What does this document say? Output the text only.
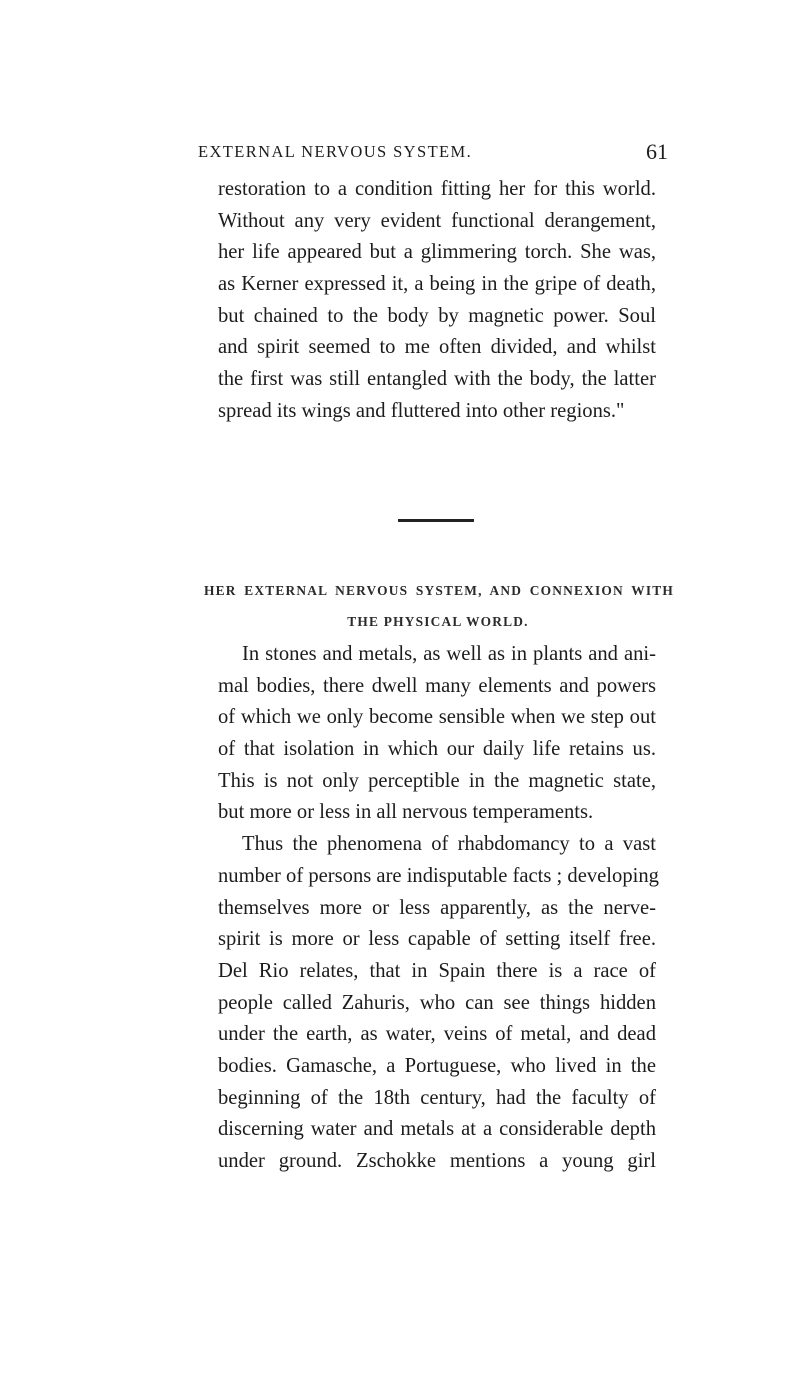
EXTERNAL NERVOUS SYSTEM.	61
restoration to a condition fitting her for this world.
Without any very evident functional derangement,
her life appeared but a glimmering torch. She was,
as Kerner expressed it, a being in the gripe of death,
but chained to the body by magnetic power. Soul
and spirit seemed to me often divided, and whilst
the first was still entangled with the body, the latter
spread its wings and fluttered into other regions."
HER EXTERNAL NERVOUS SYSTEM, AND CONNEXION WITH
THE PHYSICAL WORLD.
In stones and metals, as well as in plants and ani-
mal bodies, there dwell many elements and powers
of which we only become sensible when we step out
of that isolation in which our daily life retains us.
This is not only perceptible in the magnetic state,
but more or less in all nervous temperaments.
Thus the phenomena of rhabdomancy to a vast
number of persons are indisputable facts ; developing
themselves more or less apparently, as the nerve-
spirit is more or less capable of setting itself free.
Del Rio relates, that in Spain there is a race of
people called Zahuris, who can see things hidden
under the earth, as water, veins of metal, and dead
bodies. Gamasche, a Portuguese, who lived in the
beginning of the 18th century, had the faculty of
discerning water and metals at a considerable depth
under ground. Zschokke mentions a young girl
